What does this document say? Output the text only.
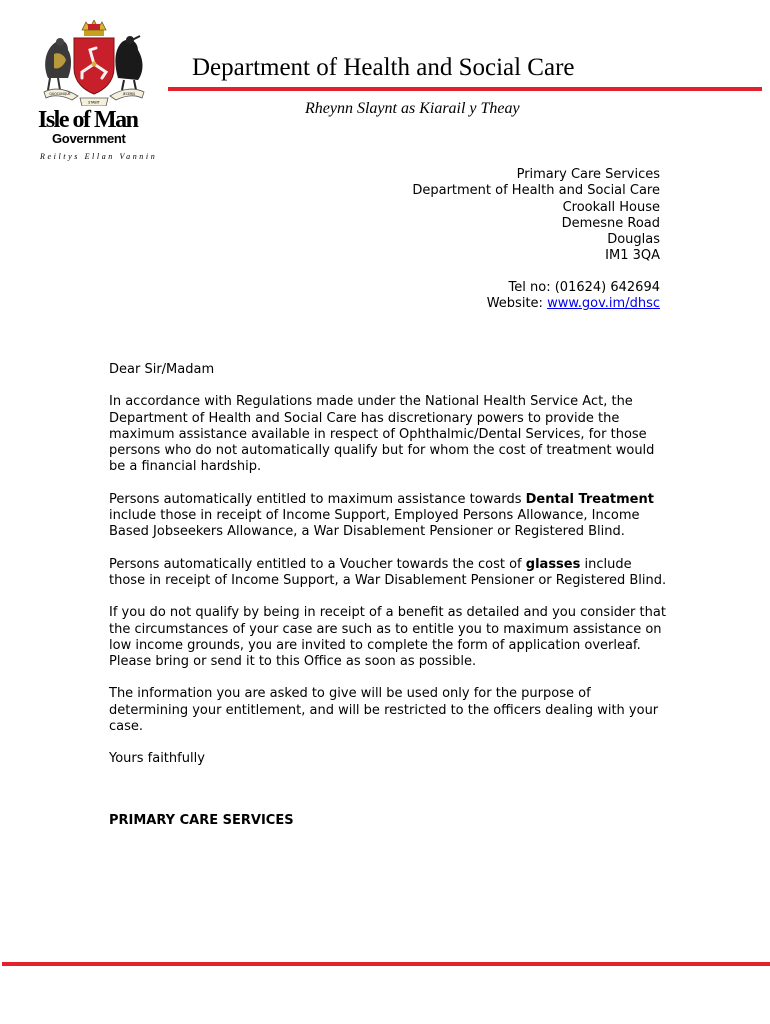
QUOCUNQUE	JECERIS
STABIT
Isle of Man
Government
Reiltys Ellan Vannin
Department of Health and Social Care
Rheynn Slaynt as Kiarail y Theay
Primary Care Services
Department of Health and Social Care
Crookall House
Demesne Road
Douglas
IM1 3QA
Tel no: (01624) 642694
Website: www.gov.im/dhsc

Dear Sir/Madam

In accordance with Regulations made under the National Health Service Act, the Department of Health and Social Care has discretionary powers to provide the maximum assistance available in respect of Ophthalmic/Dental Services, for those persons who do not automatically qualify but for whom the cost of treatment would be a financial hardship.

Persons automatically entitled to maximum assistance towards Dental Treatment include those in receipt of Income Support, Employed Persons Allowance, Income Based Jobseekers Allowance, a War Disablement Pensioner or Registered Blind.

Persons automatically entitled to a Voucher towards the cost of glasses include those in receipt of Income Support, a War Disablement Pensioner or Registered Blind.

If you do not qualify by being in receipt of a benefit as detailed and you consider that the circumstances of your case are such as to entitle you to maximum assistance on low income grounds, you are invited to complete the form of application overleaf. Please bring or send it to this Office as soon as possible.

The information you are asked to give will be used only for the purpose of determining your entitlement, and will be restricted to the officers dealing with your case.

Yours faithfully

PRIMARY CARE SERVICES
